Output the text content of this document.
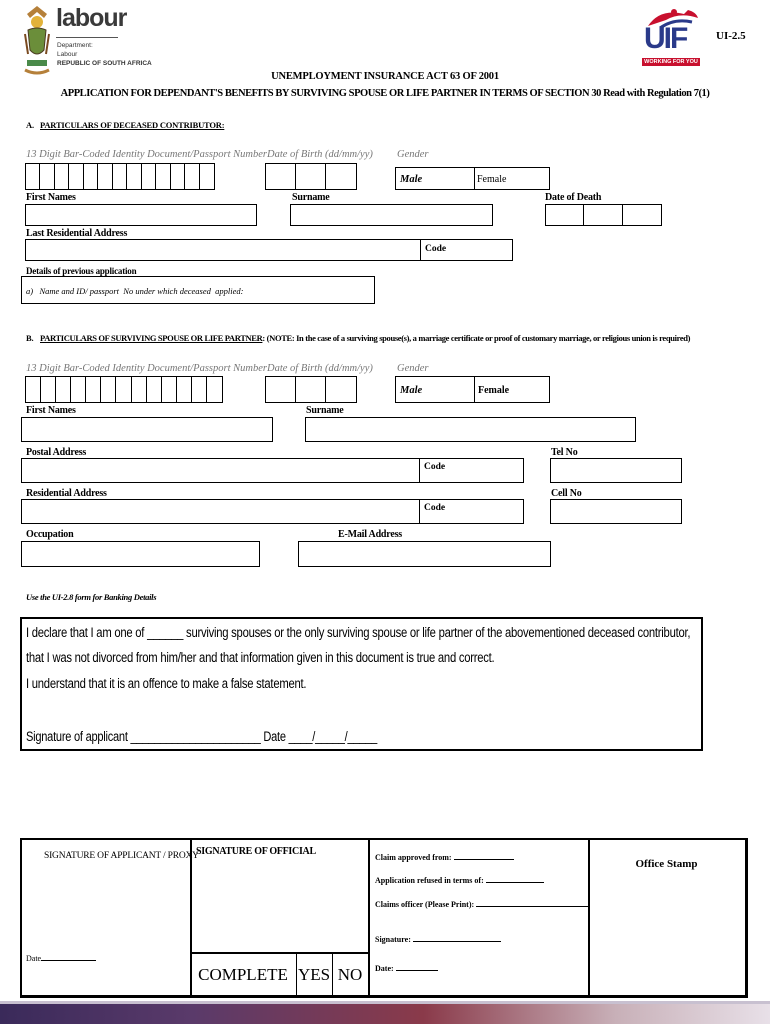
labour
Department:
Labour
REPUBLIC OF SOUTH AFRICA
UIF
WORKING FOR YOU
UI-2.5
UNEMPLOYMENT INSURANCE ACT 63 OF 2001
APPLICATION FOR DEPENDANT'S BENEFITS BY SURVIVING SPOUSE OR LIFE PARTNER IN TERMS OF SECTION 30 Read with Regulation 7(1)
A. PARTICULARS OF DECEASED CONTRIBUTOR:
13 Digit Bar-Coded Identity Document/Passport Number Date of Birth (dd/mm/yy) Gender
Male	Female
First Names	Surname	Date of Death
Last Residential Address
Code
Details of previous application
a)   Name and ID/ passport  No under which deceased  applied:
B. PARTICULARS OF SURVIVING SPOUSE OR LIFE PARTNER: (NOTE: In the case of a surviving spouse(s), a marriage certificate or proof of customary marriage, or religious union is required)
13 Digit Bar-Coded Identity Document/Passport Number Date of Birth (dd/mm/yy) Gender
Male	Female
First Names	Surname
Postal Address	Tel No
Code
Residential Address	Cell No
Code
Occupation	E-Mail Address
Use the UI-2.8 form for Banking Details
I declare that I am one of ______ surviving spouses or the only surviving spouse or life partner of the abovementioned deceased contributor,
that I was not divorced from him/her and that information given in this document is true and correct.
I understand that it is an offence to make a false statement.
Signature of applicant ______________________ Date ____/_____/_____
SIGNATURE OF APPLICANT / PROXY
Date
SIGNATURE OF OFFICIAL
COMPLETE YES NO
Claim approved from:
Application refused in terms of:
Claims officer (Please Print):
Signature:
Date:
Office Stamp
